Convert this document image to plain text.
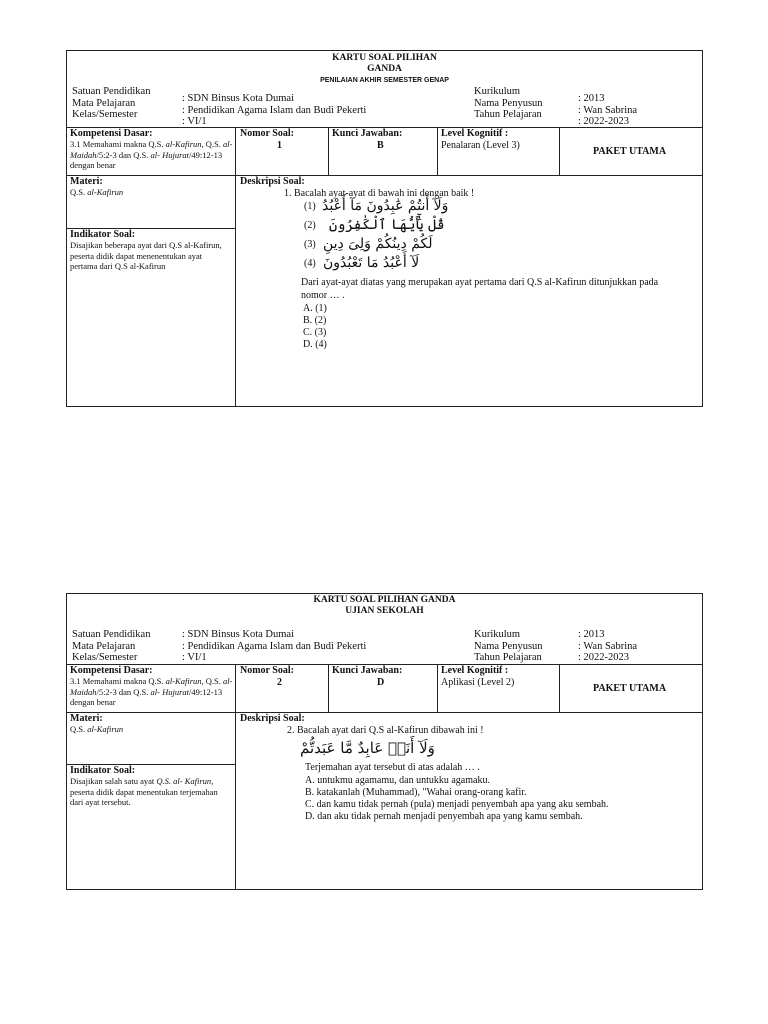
KARTU SOAL PILIHAN
GANDA
PENILAIAN AKHIR SEMESTER GENAP
Satuan Pendidikan
Mata Pelajaran
Kelas/Semester
: SDN Binsus Kota Dumai
: Pendidikan Agama Islam dan Budi Pekerti
: VI/1
Kurikulum
Nama Penyusun
Tahun Pelajaran
: 2013
: Wan Sabrina
: 2022-2023
Kompetensi Dasar:
3.1 Memahami makna Q.S. al-Kafirun, Q.S. al-Maidah/5:2-3 dan Q.S. al- Hujurat/49:12-13 dengan benar
Nomor Soal:
1
Kunci Jawaban:
B
Level Kognitif :
Penalaran (Level 3)
PAKET UTAMA
Materi:
Q.S. al-Kafirun
Indikator Soal:
Disajikan beberapa ayat dari Q.S al-Kafirun, peserta didik dapat menenentukan ayat pertama dari Q.S al-Kafirun
Deskripsi Soal:
1. Bacalah ayat-ayat di bawah ini dengan baik !
(1) وَلَآ أَنتُمْ عَٰبِدُونَ مَآ أَعْبُدُ
(2) قُلْ يَٰٓأَيُّهَا ٱلْكَٰفِرُونَ
(3) لَكُمْ دِينُكُمْ وَلِىَ دِينِ
(4) لَآ أَعْبُدُ مَا تَعْبُدُونَ
Dari ayat-ayat diatas yang merupakan ayat pertama dari Q.S al-Kafirun ditunjukkan pada
nomor … .
A. (1)
B. (2)
C. (3)
D. (4)
KARTU SOAL PILIHAN GANDA
UJIAN SEKOLAH
Satuan Pendidikan
Mata Pelajaran
Kelas/Semester
: SDN Binsus Kota Dumai
: Pendidikan Agama Islam dan Budi Pekerti
: VI/1
Kurikulum
Nama Penyusun
Tahun Pelajaran
: 2013
: Wan Sabrina
: 2022-2023
Kompetensi Dasar:
3.1 Memahami makna Q.S. al-Kafirun, Q.S. al-Maidah/5:2-3 dan Q.S. al- Hujurat/49:12-13 dengan benar
Nomor Soal:
2
Kunci Jawaban:
D
Level Kognitif :
Aplikasi (Level 2)
PAKET UTAMA
Materi:
Q.S. al-Kafirun
Indikator Soal:
Disajikan salah satu ayat Q.S. al- Kafirun, peserta didik dapat menentukan terjemahan dari ayat tersebut.
Deskripsi Soal:
2. Bacalah ayat dari Q.S al-Kafirun dibawah ini !
وَلَآ أَنَا۠ عَابِدٌ مَّا عَبَدتُّمْ
Terjemahan ayat tersebut di atas adalah … .
A. untukmu agamamu, dan untukku agamaku.
B. katakanlah (Muhammad), "Wahai orang-orang kafir.
C. dan kamu tidak pernah (pula) menjadi penyembah apa yang aku sembah.
D. dan aku tidak pernah menjadi penyembah apa yang kamu sembah.
